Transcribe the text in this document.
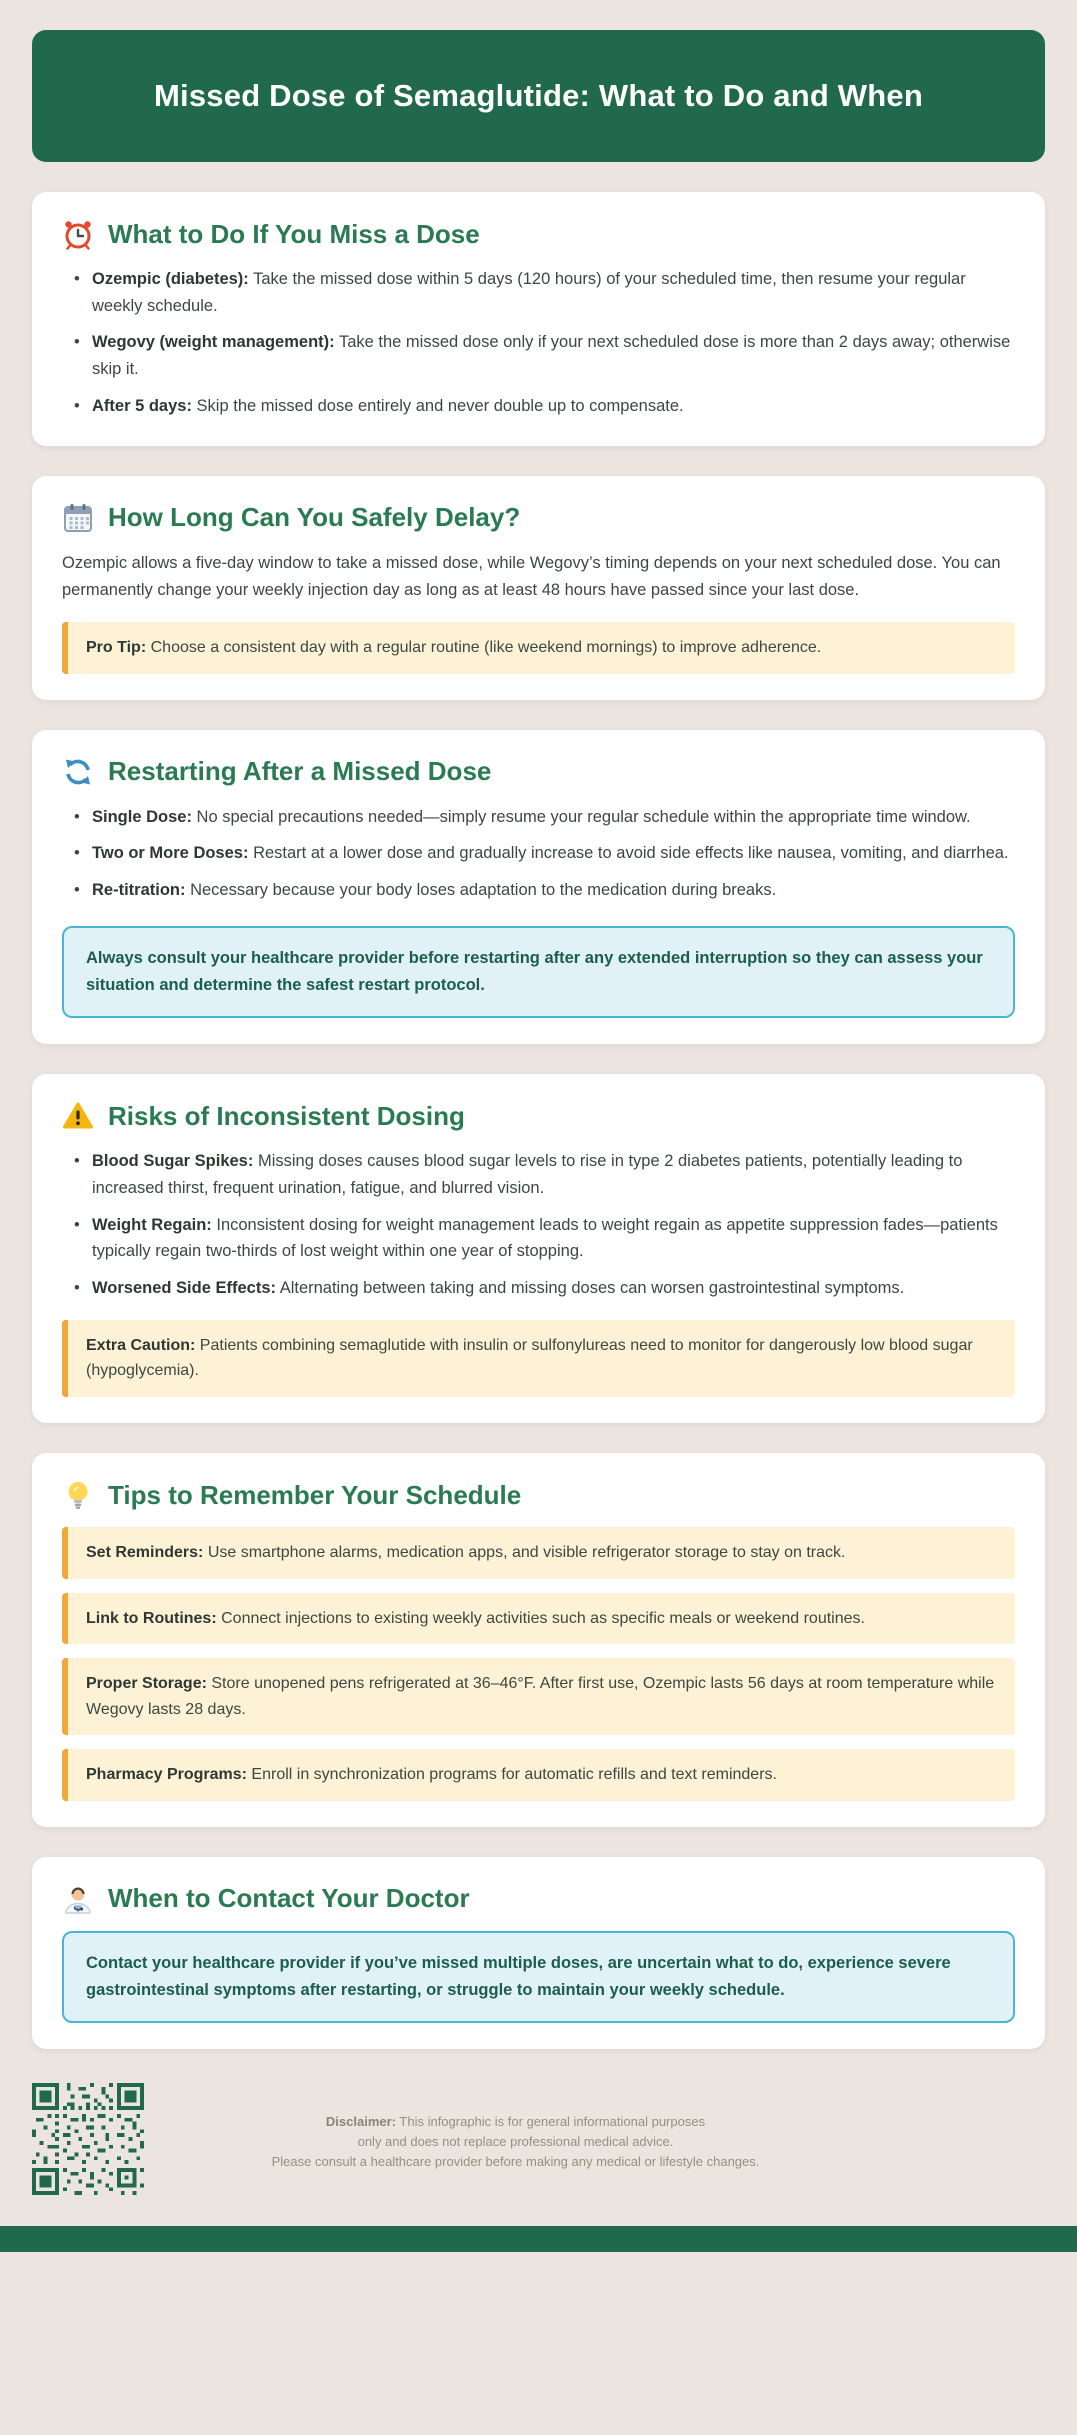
Missed Dose of Semaglutide: What to Do and When
What to Do If You Miss a Dose
• Ozempic (diabetes): Take the missed dose within 5 days (120 hours) of your scheduled time, then resume your regular weekly schedule.
• Wegovy (weight management): Take the missed dose only if your next scheduled dose is more than 2 days away; otherwise skip it.
• After 5 days: Skip the missed dose entirely and never double up to compensate.
How Long Can You Safely Delay?

Ozempic allows a five-day window to take a missed dose, while Wegovy’s timing depends on your next scheduled dose. You can permanently change your weekly injection day as long as at least 48 hours have passed since your last dose.

Pro Tip: Choose a consistent day with a regular routine (like weekend mornings) to improve adherence.
Restarting After a Missed Dose
• Single Dose: No special precautions needed—simply resume your regular schedule within the appropriate time window.
• Two or More Doses: Restart at a lower dose and gradually increase to avoid side effects like nausea, vomiting, and diarrhea.
• Re-titration: Necessary because your body loses adaptation to the medication during breaks.
Always consult your healthcare provider before restarting after any extended interruption so they can assess your situation and determine the safest restart protocol.
Risks of Inconsistent Dosing
• Blood Sugar Spikes: Missing doses causes blood sugar levels to rise in type 2 diabetes patients, potentially leading to increased thirst, frequent urination, fatigue, and blurred vision.
• Weight Regain: Inconsistent dosing for weight management leads to weight regain as appetite suppression fades—patients typically regain two-thirds of lost weight within one year of stopping.
• Worsened Side Effects: Alternating between taking and missing doses can worsen gastrointestinal symptoms.
Extra Caution: Patients combining semaglutide with insulin or sulfonylureas need to monitor for dangerously low blood sugar (hypoglycemia).
Tips to Remember Your Schedule
Set Reminders: Use smartphone alarms, medication apps, and visible refrigerator storage to stay on track.
Link to Routines: Connect injections to existing weekly activities such as specific meals or weekend routines.
Proper Storage: Store unopened pens refrigerated at 36–46°F. After first use, Ozempic lasts 56 days at room temperature while Wegovy lasts 28 days.
Pharmacy Programs: Enroll in synchronization programs for automatic refills and text reminders.
When to Contact Your Doctor
Contact your healthcare provider if you’ve missed multiple doses, are uncertain what to do, experience severe gastrointestinal symptoms after restarting, or struggle to maintain your weekly schedule.
Disclaimer: This infographic is for general informational purposes
only and does not replace professional medical advice.
Please consult a healthcare provider before making any medical or lifestyle changes.
